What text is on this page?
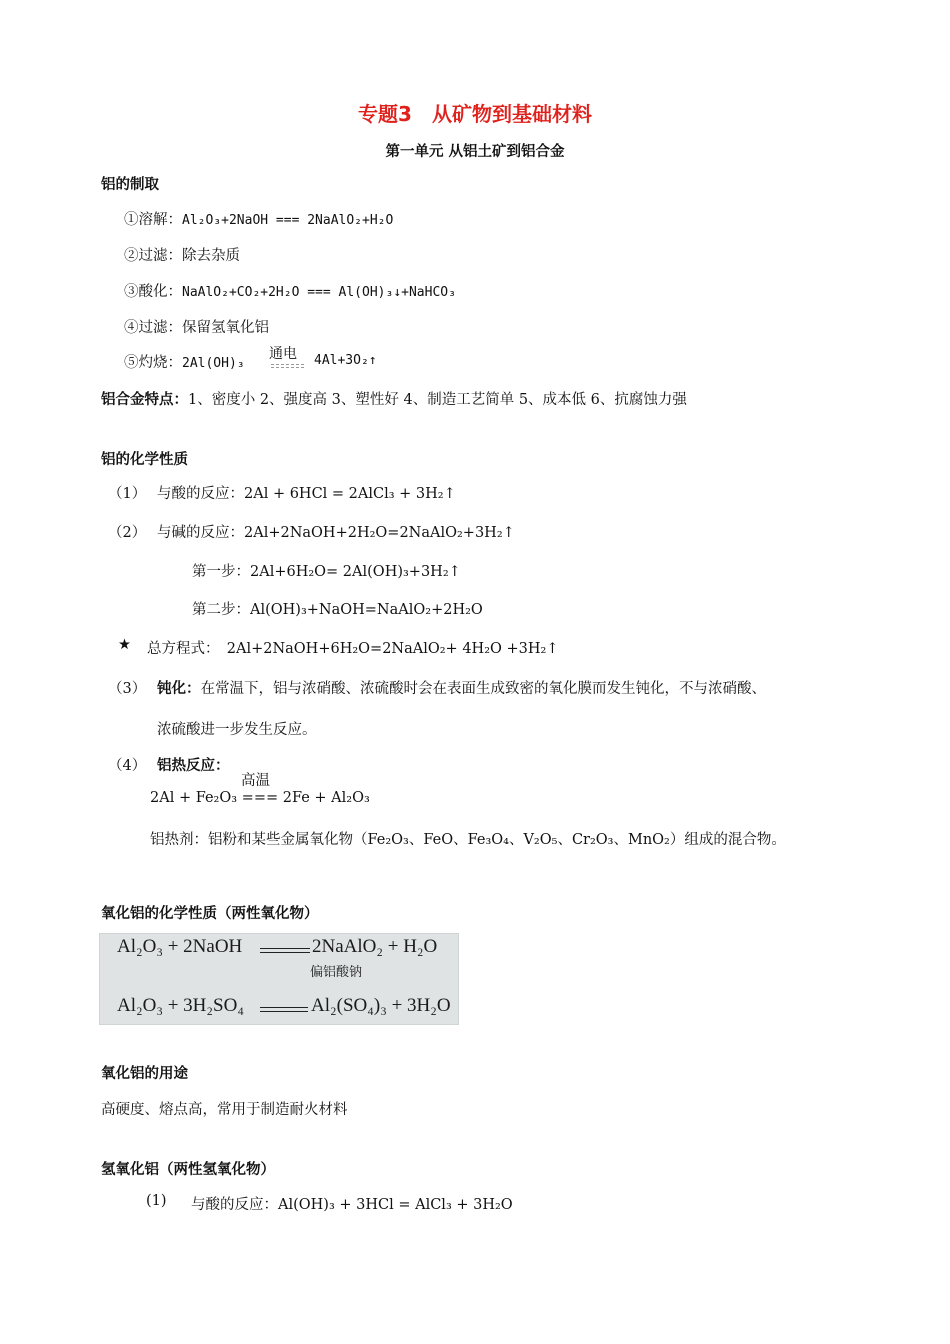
专题3　从矿物到基础材料
第一单元 从铝土矿到铝合金
铝的制取
①溶解：Al₂O₃+2NaOH === 2NaAlO₂+H₂O
②过滤：除去杂质
③酸化：NaAlO₂+CO₂+2H₂O === Al(OH)₃↓+NaHCO₃
④过滤：保留氢氧化铝
⑤灼烧：2Al(OH)₃
通电 4Al+3O₂↑
铝合金特点：1、密度小 2、强度高 3、塑性好 4、制造工艺简单 5、成本低 6、抗腐蚀力强
铝的化学性质
（1） 与酸的反应：2Al + 6HCl = 2AlCl₃ + 3H₂↑
（2） 与碱的反应：2Al+2NaOH+2H₂O=2NaAlO₂+3H₂↑
第一步：2Al+6H₂O= 2Al(OH)₃+3H₂↑
第二步：Al(OH)₃+NaOH=NaAlO₂+2H₂O
★ 总方程式：　2Al+2NaOH+6H₂O=2NaAlO₂+ 4H₂O +3H₂↑
（3） 钝化：在常温下，铝与浓硝酸、浓硫酸时会在表面生成致密的氧化膜而发生钝化，不与浓硝酸、
浓硫酸进一步发生反应。
（4） 铝热反应：
高温
2Al + Fe₂O₃ === 2Fe + Al₂O₃
铝热剂：铝粉和某些金属氧化物（Fe₂O₃、FeO、Fe₃O₄、V₂O₅、Cr₂O₃、MnO₂）组成的混合物。
氧化铝的化学性质（两性氧化物）
Al₂O₃ + 2NaOH	2NaAlO₂ + H₂O
偏铝酸钠
Al₂O₃ + 3H₂SO₄	Al₂(SO₄)₃ + 3H₂O
氧化铝的用途
高硬度、熔点高，常用于制造耐火材料
氢氧化铝（两性氢氧化物）
(1) 与酸的反应：Al(OH)₃ + 3HCl = AlCl₃ + 3H₂O
